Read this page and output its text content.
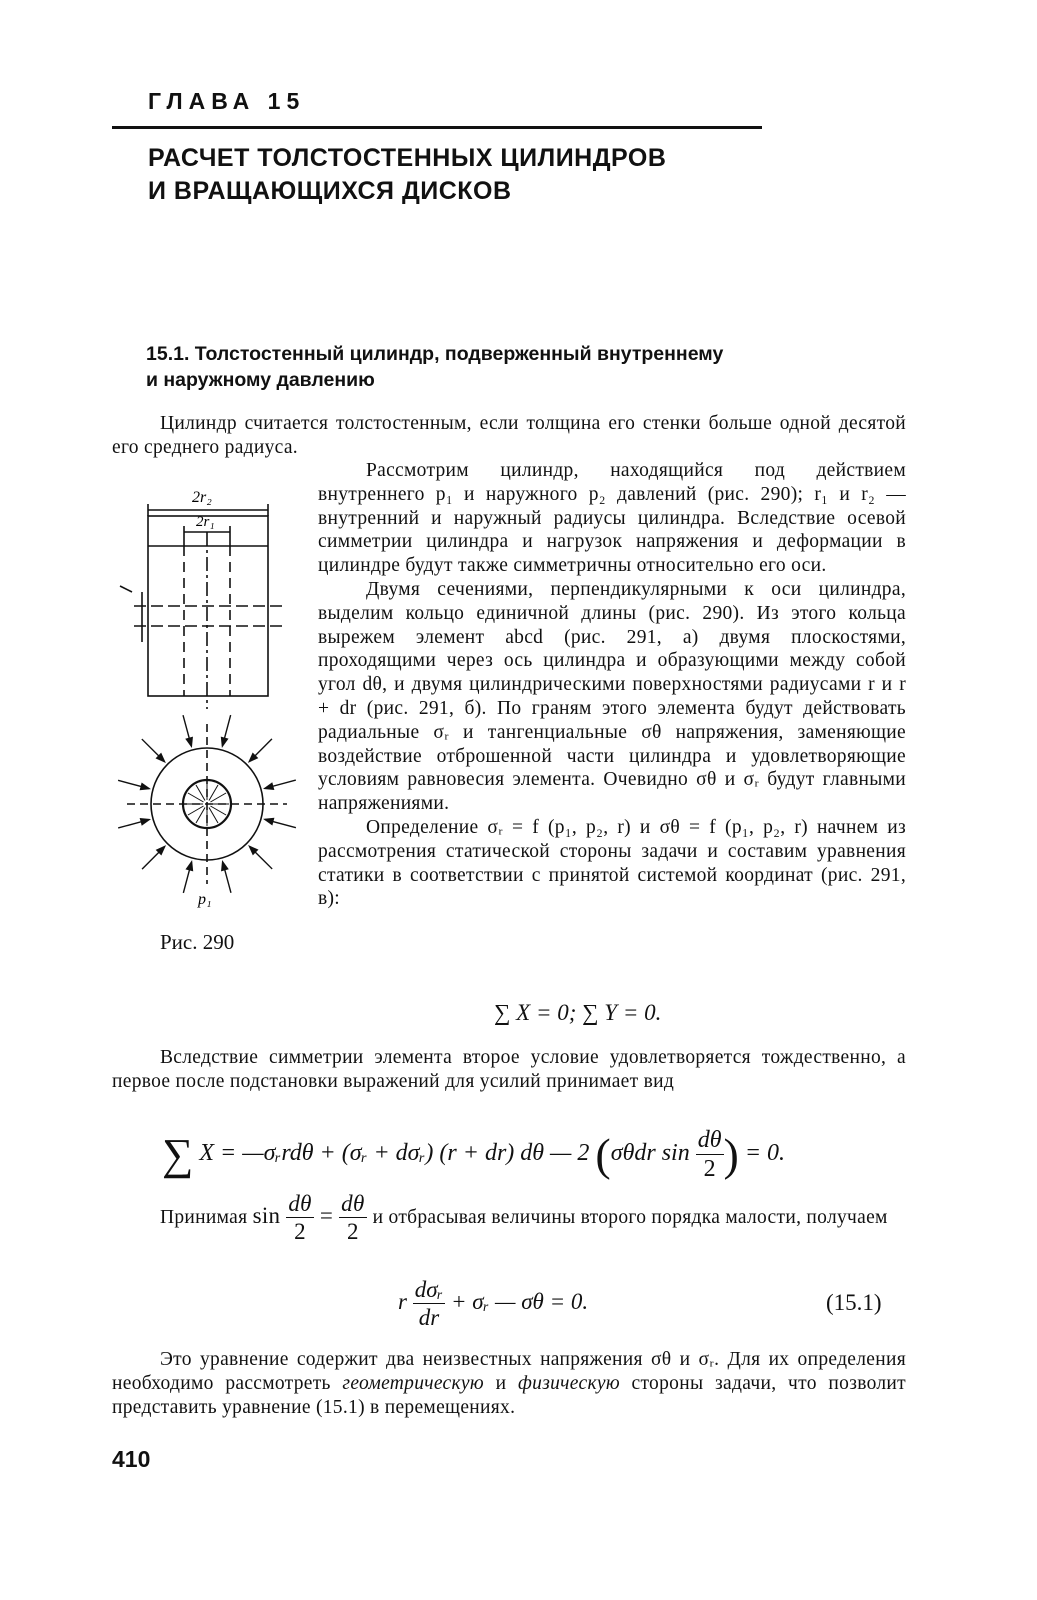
ГЛАВА 15
РАСЧЕТ ТОЛСТОСТЕННЫХ ЦИЛИНДРОВ
И ВРАЩАЮЩИХСЯ ДИСКОВ
15.1. Толстостенный цилиндр, подверженный внутреннему
и наружному давлению
Цилиндр считается толстостенным, если толщина его стенки больше одной десятой его среднего радиуса.
2r₂
2r₁
p₁
Рис. 290
Рассмотрим цилиндр, находящийся под действием внутреннего p₁ и наружного p₂ давлений (рис. 290); r₁ и r₂ — внутренний и наружный радиусы цилиндра. Вследствие осевой симметрии цилиндра и нагрузок напряжения и деформации в цилиндре будут также симметричны относительно его оси.
Двумя сечениями, перпендикулярными к оси цилиндра, выделим кольцо единичной длины (рис. 290). Из этого кольца вырежем элемент abcd (рис. 291, а) двумя плоскостями, проходящими через ось цилиндра и образующими между собой угол dθ, и двумя цилиндрическими поверхностями радиусами r и r + dr (рис. 291, б). По граням этого элемента будут действовать радиальные σᵣ и тангенциальные σθ напряжения, заменяющие воздействие отброшенной части цилиндра и удовлетворяющие условиям равновесия элемента. Очевидно σθ и σᵣ будут главными напряжениями.
Определение σᵣ = f (p₁, p₂, r) и σθ = f (p₁, p₂, r) начнем из рассмотрения статической стороны задачи и составим уравнения статики в соответствии с принятой системой координат (рис. 291, в):
∑ X = 0; ∑ Y = 0.
Вследствие симметрии элемента второе условие удовлетворяется тождественно, а первое после подстановки выражений для усилий принимает вид
∑ X = —σᵣrdθ + (σᵣ + dσᵣ) (r + dr) dθ — 2 (σθdr $\sin \frac{d\theta}{2}$ ) = 0.
Принимая $\sin \frac{d\theta}{2} = \frac{d\theta}{2}$ и отбрасывая величины второго порядка малости, получаем
r $\frac{\text{dσᵣ}}{dr}$ + σᵣ — σθ = 0.	(15.1)
Это уравнение содержит два неизвестных напряжения σθ и σᵣ. Для их определения необходимо рассмотреть геометрическую и физическую стороны задачи, что позволит представить уравнение (15.1) в перемещениях.
410
